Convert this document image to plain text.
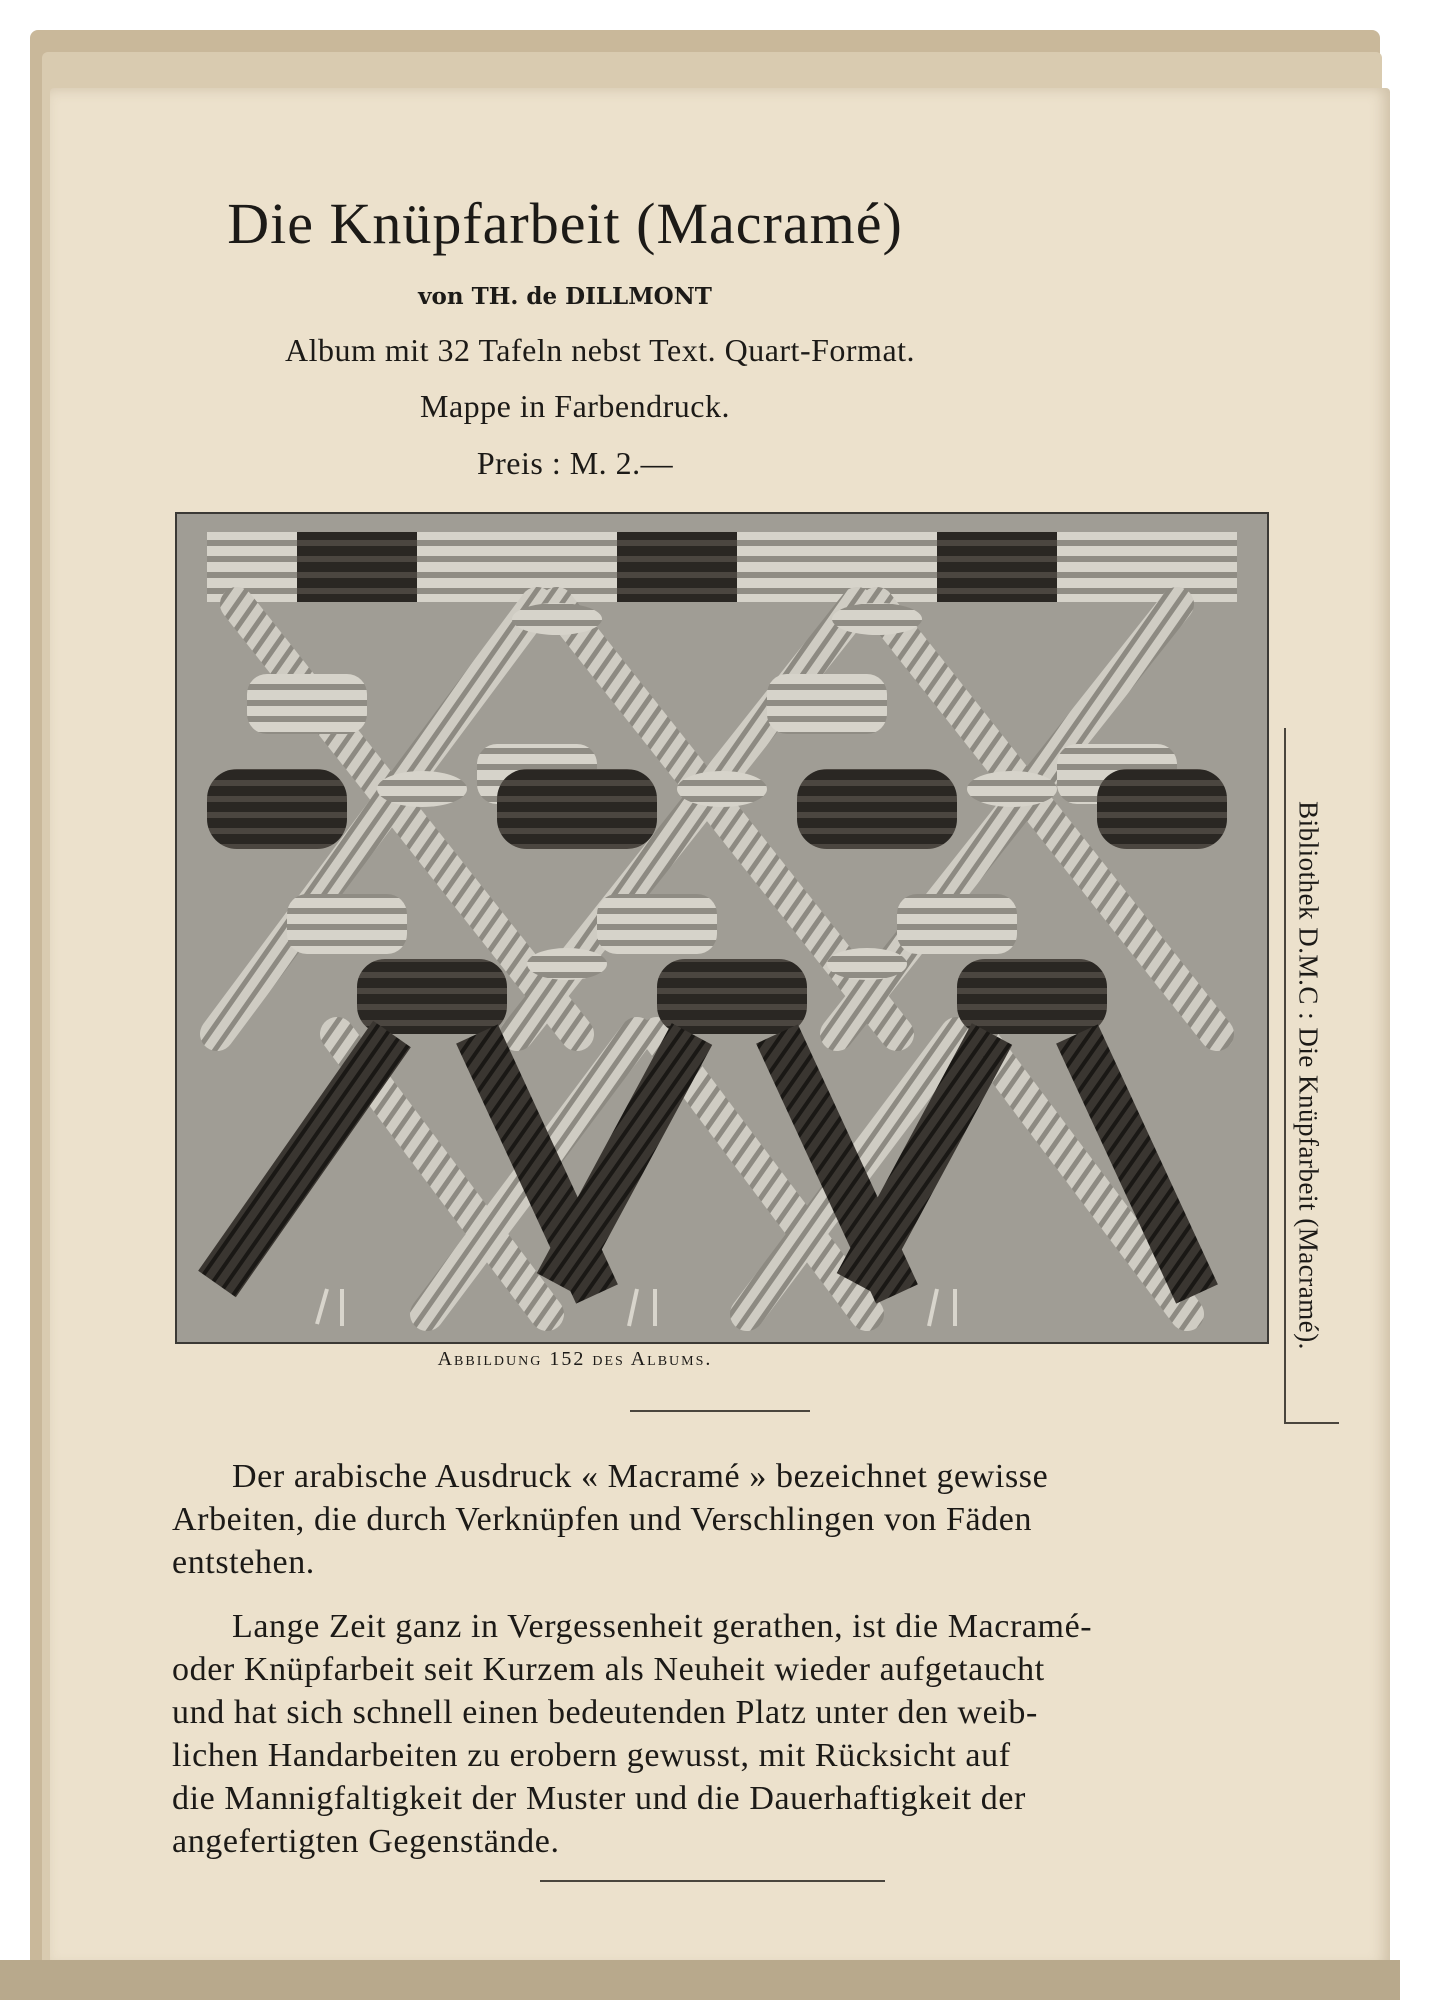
Die Knüpfarbeit (Macramé)
von TH. de DILLMONT
Album mit 32 Tafeln nebst Text. Quart-Format.
Mappe in Farbendruck.
Preis : M. 2.—
Abbildung 152 des Albums.
Der arabische Ausdruck « Macramé » bezeichnet gewisse
Arbeiten, die durch Verknüpfen und Verschlingen von Fäden
entstehen.
Lange Zeit ganz in Vergessenheit gerathen, ist die Macramé-
oder Knüpfarbeit seit Kurzem als Neuheit wieder aufgetaucht
und hat sich schnell einen bedeutenden Platz unter den weib-
lichen Handarbeiten zu erobern gewusst, mit Rücksicht auf
die Mannigfaltigkeit der Muster und die Dauerhaftigkeit der
angefertigten Gegenstände.
Bibliothek D.M.C : Die Knüpfarbeit (Macramé).
